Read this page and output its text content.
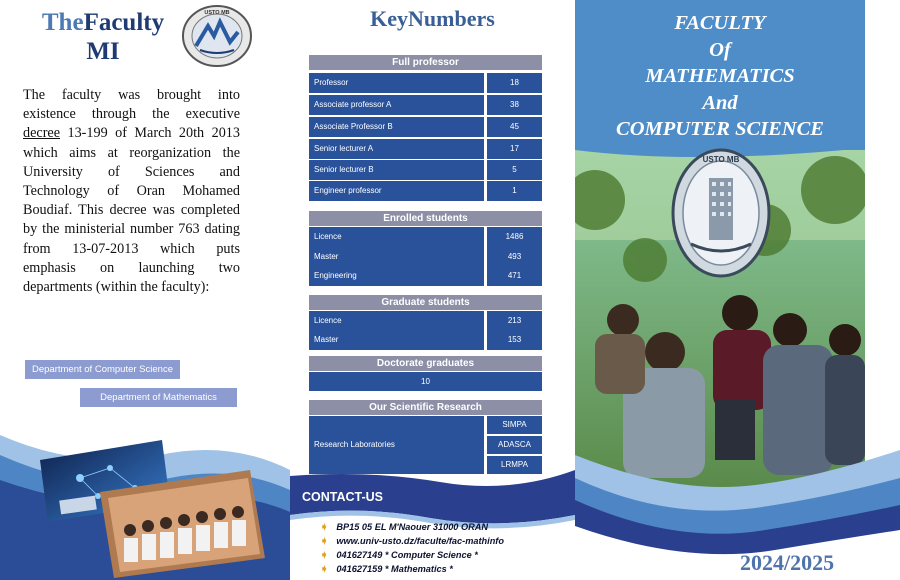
TheFaculty
MI
USTO MB
The faculty was brought into existence through the executive decree 13-199 of March 20th 2013 which aims at reorganization the University of Sciences and Technology of Oran Mohamed Boudiaf. This decree was completed by the ministerial number 763 dating from 13-07-2013 which puts emphasis on launching two departments (within the faculty):
Department of Computer Science
Department of Mathematics
KeyNumbers
Full professor
Professor	18
Associate professor A	38
Associate Professor B	45
Senior lecturer A	17
Senior lecturer B	5
Engineer professor	1
Enrolled students
Licence	1486
Master	493
Engineering	471
Graduate students
Licence	213
Master	153
Doctorate graduates
10
Our Scientific Research
Research Laboratories
SIMPA
ADASCA
LRMPA
CONTACT-US
➧ BP15 05 EL M'Naouer 31000 ORAN
➧ www.univ-usto.dz/faculte/fac-mathinfo
➧ 041627149 * Computer Science *
➧ 041627159 * Mathematics *
USTO MB
FACULTY
Of
MATHEMATICS
And
COMPUTER SCIENCE
2024/2025
